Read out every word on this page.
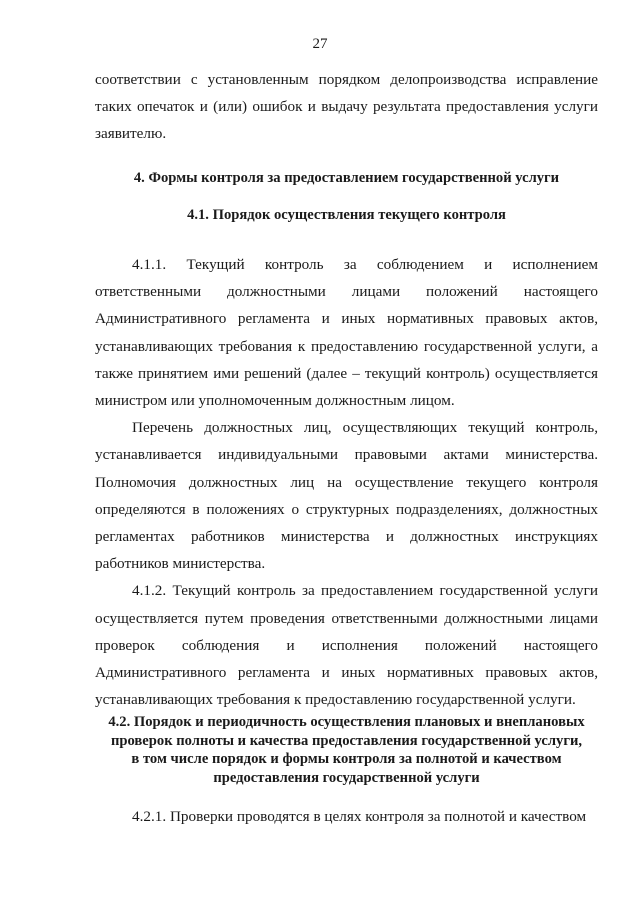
27

соответствии с установленным порядком делопроизводства исправление таких опечаток и (или) ошибок и выдачу результата предоставления услуги заявителю.

4. Формы контроля за предоставлением государственной услуги
4.1. Порядок осуществления текущего контроля

4.1.1. Текущий контроль за соблюдением и исполнением ответственными должностными лицами положений настоящего Административного регламента и иных нормативных правовых актов, устанавливающих требования к предоставлению государственной услуги, а также принятием ими решений (далее – текущий контроль) осуществляется министром или уполномоченным должностным лицом.

Перечень должностных лиц, осуществляющих текущий контроль, устанавливается индивидуальными правовыми актами министерства. Полномочия должностных лиц на осуществление текущего контроля определяются в положениях о структурных подразделениях, должностных регламентах работников министерства и должностных инструкциях работников министерства.

4.1.2. Текущий контроль за предоставлением государственной услуги осуществляется путем проведения ответственными должностными лицами проверок соблюдения и исполнения положений настоящего Административного регламента и иных нормативных правовых актов, устанавливающих требования к предоставлению государственной услуги.

4.2. Порядок и периодичность осуществления плановых и внеплановых
проверок полноты и качества предоставления государственной услуги,
в том числе порядок и формы контроля за полнотой и качеством
предоставления государственной услуги

4.2.1. Проверки проводятся в целях контроля за полнотой и качеством
